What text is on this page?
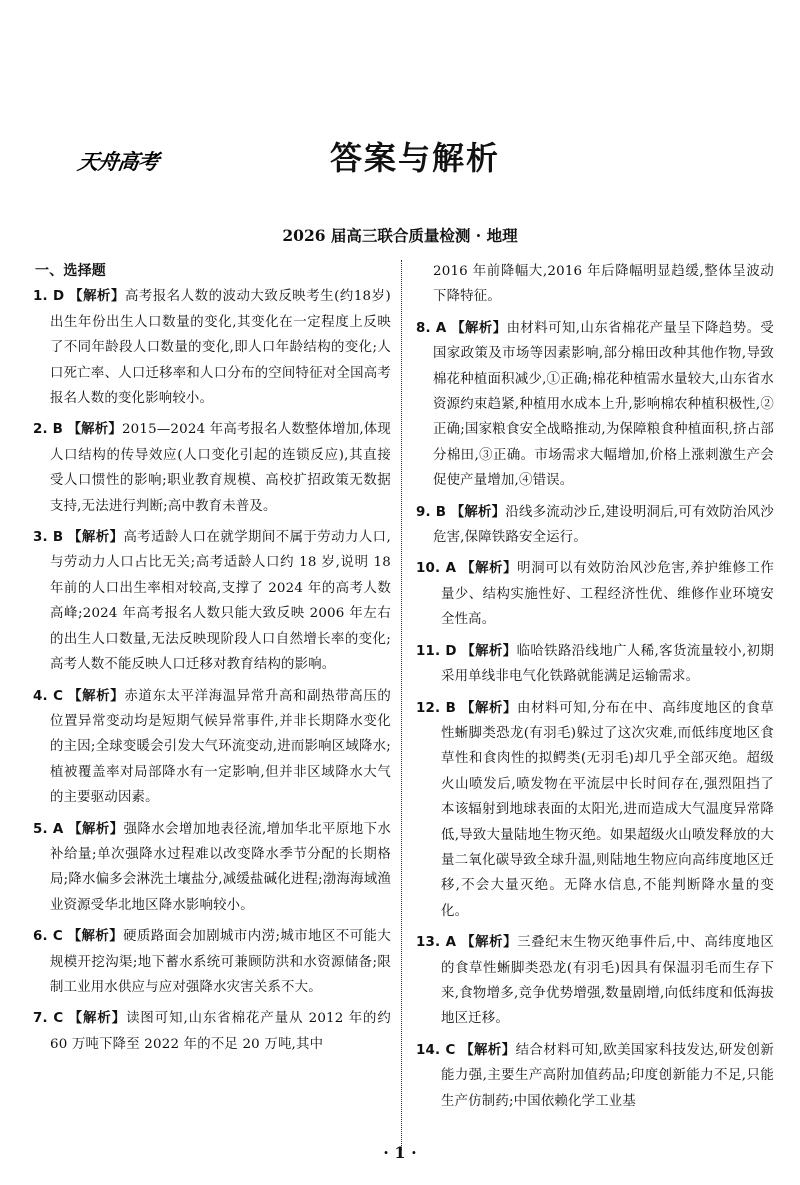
天舟高考	答案与解析
2026 届高三联合质量检测 · 地理
一、选择题

1. D 【解析】高考报名人数的波动大致反映考生(约18岁)出生年份出生人口数量的变化,其变化在一定程度上反映了不同年龄段人口数量的变化,即人口年龄结构的变化;人口死亡率、人口迁移率和人口分布的空间特征对全国高考报名人数的变化影响较小。

2. B 【解析】2015—2024 年高考报名人数整体增加,体现人口结构的传导效应(人口变化引起的连锁反应),其直接受人口惯性的影响;职业教育规模、高校扩招政策无数据支持,无法进行判断;高中教育未普及。

3. B 【解析】高考适龄人口在就学期间不属于劳动力人口,与劳动力人口占比无关;高考适龄人口约 18 岁,说明 18 年前的人口出生率相对较高,支撑了 2024 年的高考人数高峰;2024 年高考报名人数只能大致反映 2006 年左右的出生人口数量,无法反映现阶段人口自然增长率的变化;高考人数不能反映人口迁移对教育结构的影响。

4. C 【解析】赤道东太平洋海温异常升高和副热带高压的位置异常变动均是短期气候异常事件,并非长期降水变化的主因;全球变暖会引发大气环流变动,进而影响区域降水;植被覆盖率对局部降水有一定影响,但并非区域降水大气的主要驱动因素。

5. A 【解析】强降水会增加地表径流,增加华北平原地下水补给量;单次强降水过程难以改变降水季节分配的长期格局;降水偏多会淋洗土壤盐分,减缓盐碱化进程;渤海海域渔业资源受华北地区降水影响较小。

6. C 【解析】硬质路面会加剧城市内涝;城市地区不可能大规模开挖沟渠;地下蓄水系统可兼顾防洪和水资源储备;限制工业用水供应与应对强降水灾害关系不大。

7. C 【解析】读图可知,山东省棉花产量从 2012 年的约 60 万吨下降至 2022 年的不足 20 万吨,其中

2016 年前降幅大,2016 年后降幅明显趋缓,整体呈波动下降特征。

8. A 【解析】由材料可知,山东省棉花产量呈下降趋势。受国家政策及市场等因素影响,部分棉田改种其他作物,导致棉花种植面积减少,①正确;棉花种植需水量较大,山东省水资源约束趋紧,种植用水成本上升,影响棉农种植积极性,②正确;国家粮食安全战略推动,为保障粮食种植面积,挤占部分棉田,③正确。市场需求大幅增加,价格上涨刺激生产会促使产量增加,④错误。

9. B 【解析】沿线多流动沙丘,建设明洞后,可有效防治风沙危害,保障铁路安全运行。

10. A 【解析】明洞可以有效防治风沙危害,养护维修工作量少、结构实施性好、工程经济性优、维修作业环境安全性高。

11. D 【解析】临哈铁路沿线地广人稀,客货流量较小,初期采用单线非电气化铁路就能满足运输需求。

12. B 【解析】由材料可知,分布在中、高纬度地区的食草性蜥脚类恐龙(有羽毛)躲过了这次灾难,而低纬度地区食草性和食肉性的拟鳄类(无羽毛)却几乎全部灭绝。超级火山喷发后,喷发物在平流层中长时间存在,强烈阻挡了本该辐射到地球表面的太阳光,进而造成大气温度异常降低,导致大量陆地生物灭绝。如果超级火山喷发释放的大量二氧化碳导致全球升温,则陆地生物应向高纬度地区迁移,不会大量灭绝。无降水信息,不能判断降水量的变化。

13. A 【解析】三叠纪末生物灭绝事件后,中、高纬度地区的食草性蜥脚类恐龙(有羽毛)因具有保温羽毛而生存下来,食物增多,竞争优势增强,数量剧增,向低纬度和低海拔地区迁移。

14. C 【解析】结合材料可知,欧美国家科技发达,研发创新能力强,主要生产高附加值药品;印度创新能力不足,只能生产仿制药;中国依赖化学工业基

· 1 ·
